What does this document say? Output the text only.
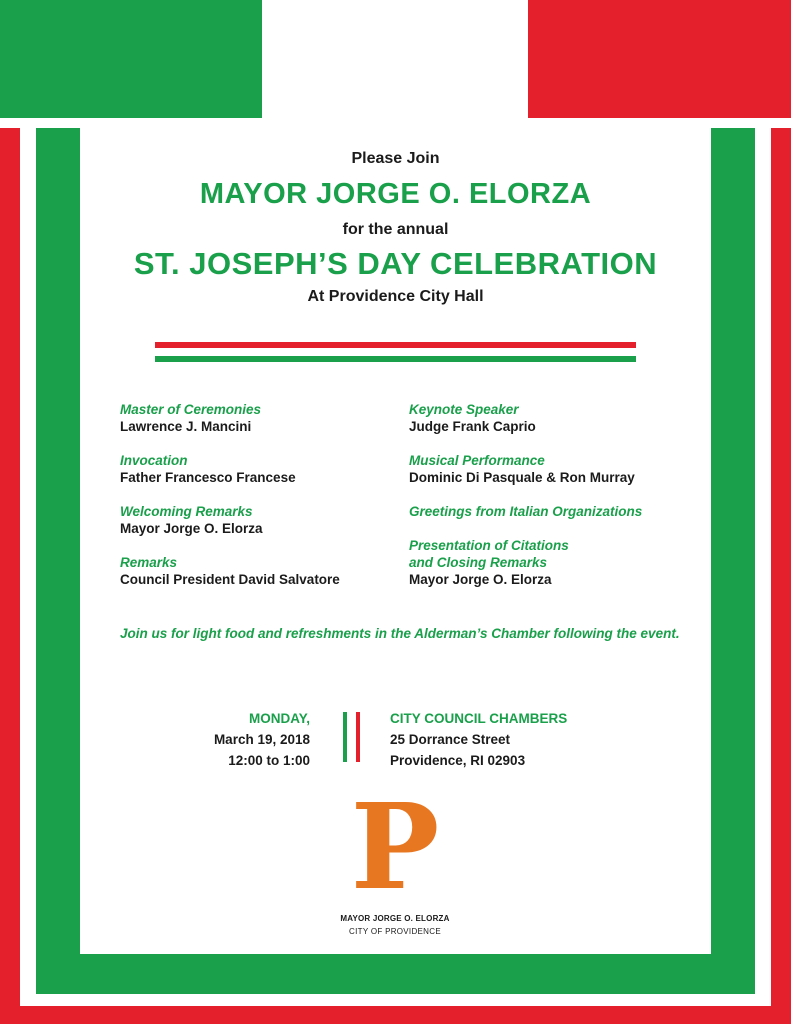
Please Join
MAYOR JORGE O. ELORZA
for the annual
ST. JOSEPH’S DAY CELEBRATION
At Providence City Hall
Master of Ceremonies
Lawrence J. Mancini
Invocation
Father Francesco Francese
Welcoming Remarks
Mayor Jorge O. Elorza
Remarks
Council President David Salvatore
Keynote Speaker
Judge Frank Caprio
Musical Performance
Dominic Di Pasquale & Ron Murray
Greetings from Italian Organizations
Presentation of Citations
and Closing Remarks
Mayor Jorge O. Elorza
Join us for light food and refreshments in the Alderman’s Chamber following the event.
MONDAY,
March 19, 2018
12:00 to 1:00
CITY COUNCIL CHAMBERS
25 Dorrance Street
Providence, RI 02903
P
MAYOR JORGE O. ELORZA
CITY OF PROVIDENCE
